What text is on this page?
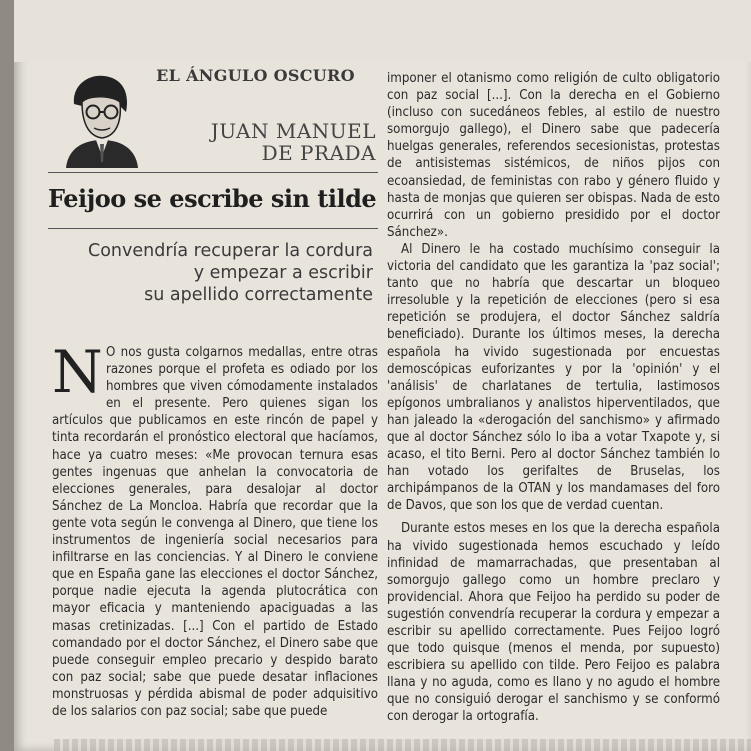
EL ÁNGULO OSCURO
JUAN MANUEL
DE PRADA
Feijoo se escribe sin tilde
Convendría recuperar la cordura
y empezar a escribir
su apellido correctamente
N O nos gusta colgarnos medallas, entre otras razones porque el profeta es odiado por los hombres que viven cómodamente instalados en el presente. Pero quienes sigan los artículos que publicamos en este rincón de papel y tinta recordarán el pronóstico electoral que hacíamos, hace ya cuatro meses: «Me provocan ternura esas gentes ingenuas que anhelan la convocatoria de elecciones generales, para desalojar al doctor Sánchez de La Moncloa. Habría que recordar que la gente vota según le convenga al Dinero, que tiene los instrumentos de ingeniería social necesarios para infiltrarse en las conciencias. Y al Dinero le conviene que en España gane las elecciones el doctor Sánchez, porque nadie ejecuta la agenda plutocrática con mayor eficacia y manteniendo apaciguadas a las masas cretinizadas. [...] Con el partido de Estado comandado por el doctor Sánchez, el Dinero sabe que puede conseguir empleo precario y despido barato con paz social; sabe que puede desatar inflaciones monstruosas y pérdida abismal de poder adquisitivo de los salarios con paz social; sabe que puede

imponer el otanismo como religión de culto obligatorio con paz social [...]. Con la derecha en el Gobierno (incluso con sucedáneos febles, al estilo de nuestro somorgujo gallego), el Dinero sabe que padecería huelgas generales, referendos secesionistas, protestas de antisistemas sistémicos, de niños pijos con ecoansiedad, de feministas con rabo y género fluido y hasta de monjas que quieren ser obispas. Nada de esto ocurrirá con un gobierno presidido por el doctor Sánchez».

Al Dinero le ha costado muchísimo conseguir la victoria del candidato que les garantiza la 'paz social'; tanto que no habría que descartar un bloqueo irresoluble y la repetición de elecciones (pero si esa repetición se produjera, el doctor Sánchez saldría beneficiado). Durante los últimos meses, la derecha española ha vivido sugestionada por encuestas demoscópicas euforizantes y por la 'opinión' y el 'análisis' de charlatanes de tertulia, lastimosos epígonos umbralianos y analistos hiperventilados, que han jaleado la «derogación del sanchismo» y afirmado que al doctor Sánchez sólo lo iba a votar Txapote y, si acaso, el tito Berni. Pero al doctor Sánchez también lo han votado los gerifaltes de Bruselas, los archipámpanos de la OTAN y los mandamases del foro de Davos, que son los que de verdad cuentan.

Durante estos meses en los que la derecha española ha vivido sugestionada hemos escuchado y leído infinidad de mamarrachadas, que presentaban al somorgujo gallego como un hombre preclaro y providencial. Ahora que Feijoo ha perdido su poder de sugestión convendría recuperar la cordura y empezar a escribir su apellido correctamente. Pues Feijoo logró que todo quisque (menos el menda, por supuesto) escribiera su apellido con tilde. Pero Feijoo es palabra llana y no aguda, como es llano y no agudo el hombre que no consiguió derogar el sanchismo y se conformó con derogar la ortografía.
